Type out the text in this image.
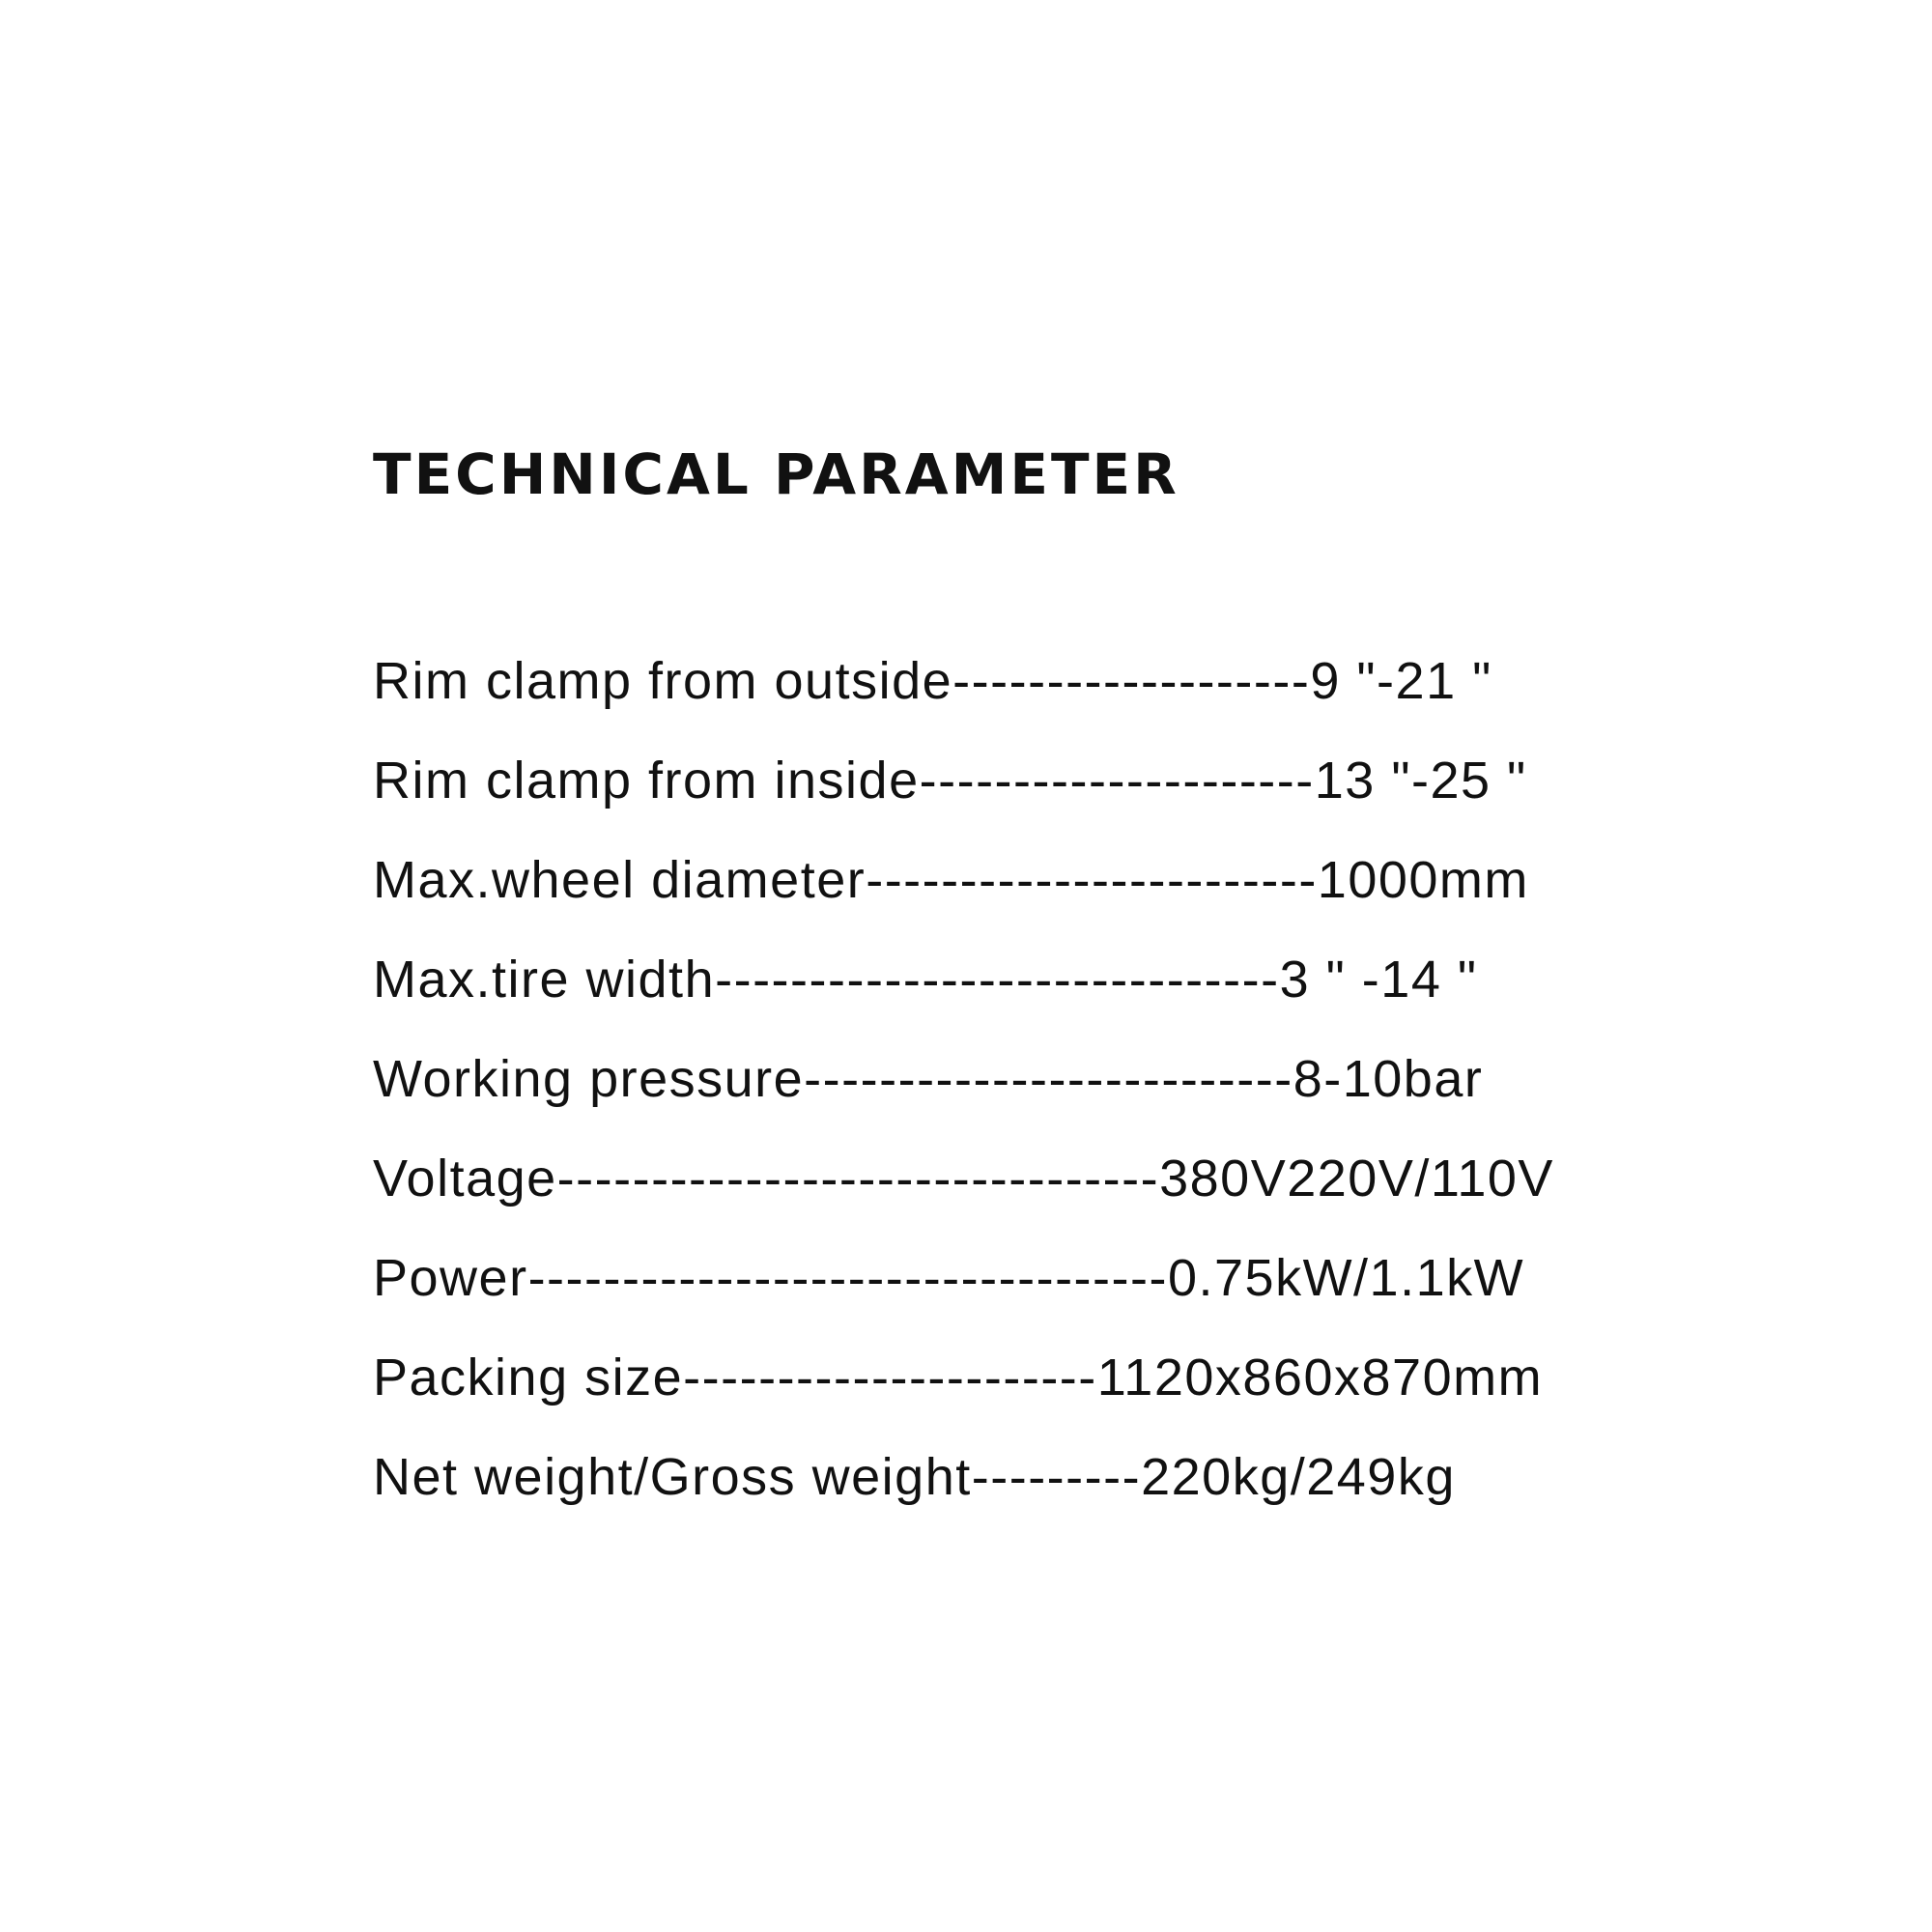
TECHNICAL PARAMETER
Rim clamp from outside-------------------9 "-21 "
Rim clamp from inside---------------------13 "-25 "
Max.wheel diameter------------------------1000mm
Max.tire width------------------------------3 " -14 "
Working pressure--------------------------8-10bar
Voltage--------------------------------380V220V/110V
Power----------------------------------0.75kW/1.1kW
Packing size----------------------1120x860x870mm
Net weight/Gross weight---------220kg/249kg
